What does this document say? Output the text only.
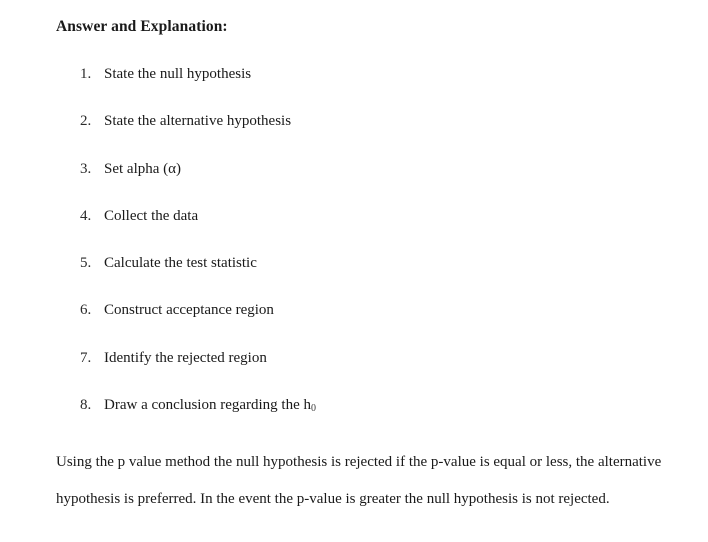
Answer and Explanation:
1. State the null hypothesis
2. State the alternative hypothesis
3. Set alpha (α)
4. Collect the data
5. Calculate the test statistic
6. Construct acceptance region
7. Identify the rejected region
8. Draw a conclusion regarding the $h_0$

Using the p value method the null hypothesis is rejected if the p-value is equal or less, the alternative hypothesis is preferred. In the event the p-value is greater the null hypothesis is not rejected.
